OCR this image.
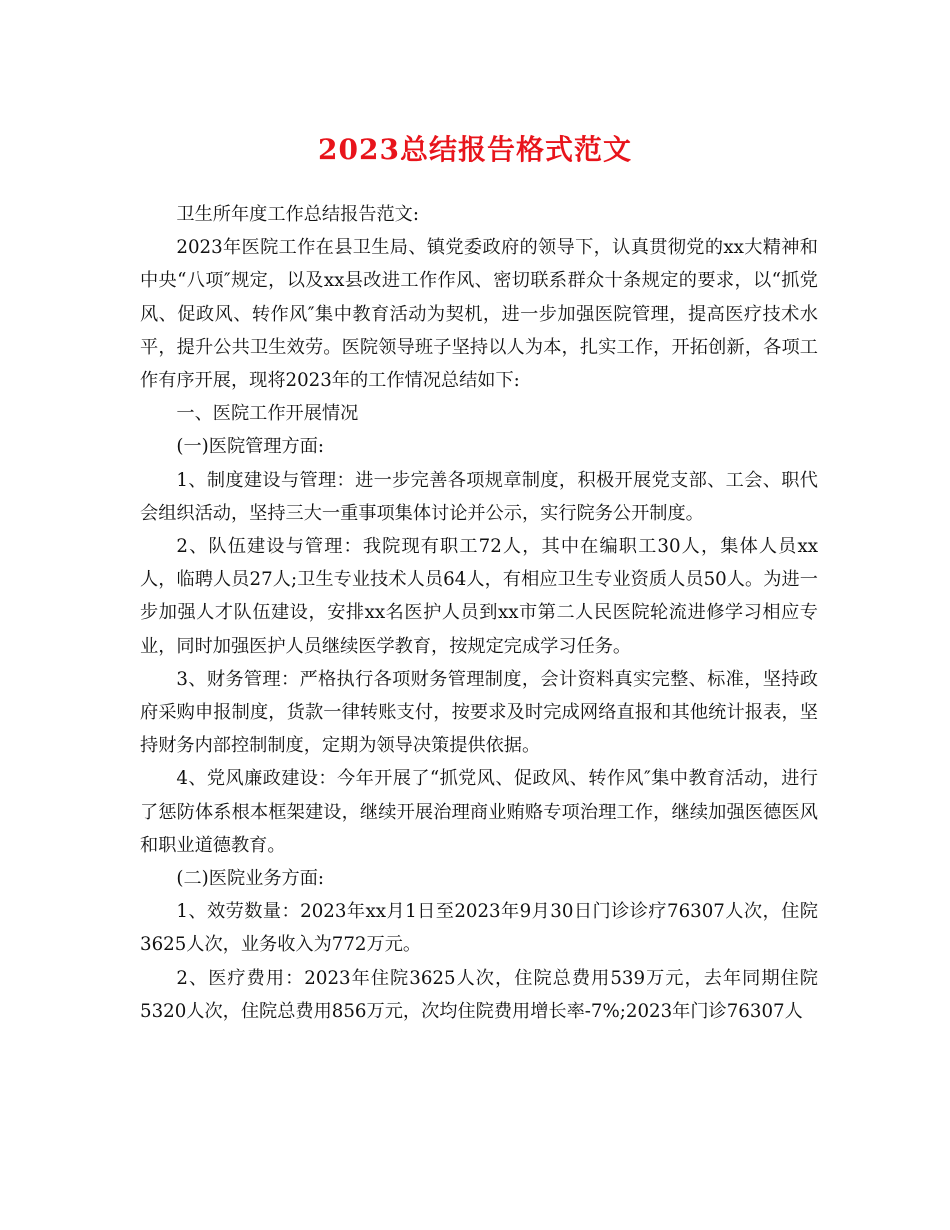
2023总结报告格式范文

卫生所年度工作总结报告范文:

2023年医院工作在县卫生局、镇党委政府的领导下，认真贯彻党的xx大精神和中央“八项″规定，以及xx县改进工作作风、密切联系群众十条规定的要求，以“抓党风、促政风、转作风″集中教育活动为契机，进一步加强医院管理，提高医疗技术水平，提升公共卫生效劳。医院领导班子坚持以人为本，扎实工作，开拓创新，各项工作有序开展，现将2023年的工作情况总结如下:

一、医院工作开展情况

(一)医院管理方面:

1、制度建设与管理：进一步完善各项规章制度，积极开展党支部、工会、职代会组织活动，坚持三大一重事项集体讨论并公示，实行院务公开制度。

2、队伍建设与管理：我院现有职工72人，其中在编职工30人，集体人员xx人，临聘人员27人;卫生专业技术人员64人，有相应卫生专业资质人员50人。为进一步加强人才队伍建设，安排xx名医护人员到xx市第二人民医院轮流进修学习相应专业，同时加强医护人员继续医学教育，按规定完成学习任务。

3、财务管理：严格执行各项财务管理制度，会计资料真实完整、标准，坚持政府采购申报制度，货款一律转账支付，按要求及时完成网络直报和其他统计报表，坚持财务内部控制制度，定期为领导决策提供依据。

4、党风廉政建设：今年开展了“抓党风、促政风、转作风″集中教育活动，进行了惩防体系根本框架建设，继续开展治理商业贿赂专项治理工作，继续加强医德医风和职业道德教育。

(二)医院业务方面:

1、效劳数量：2023年xx月1日至2023年9月30日门诊诊疗76307人次，住院3625人次，业务收入为772万元。

2、医疗费用：2023年住院3625人次，住院总费用539万元，去年同期住院5320人次，住院总费用856万元，次均住院费用增长率-7%;2023年门诊76307人
